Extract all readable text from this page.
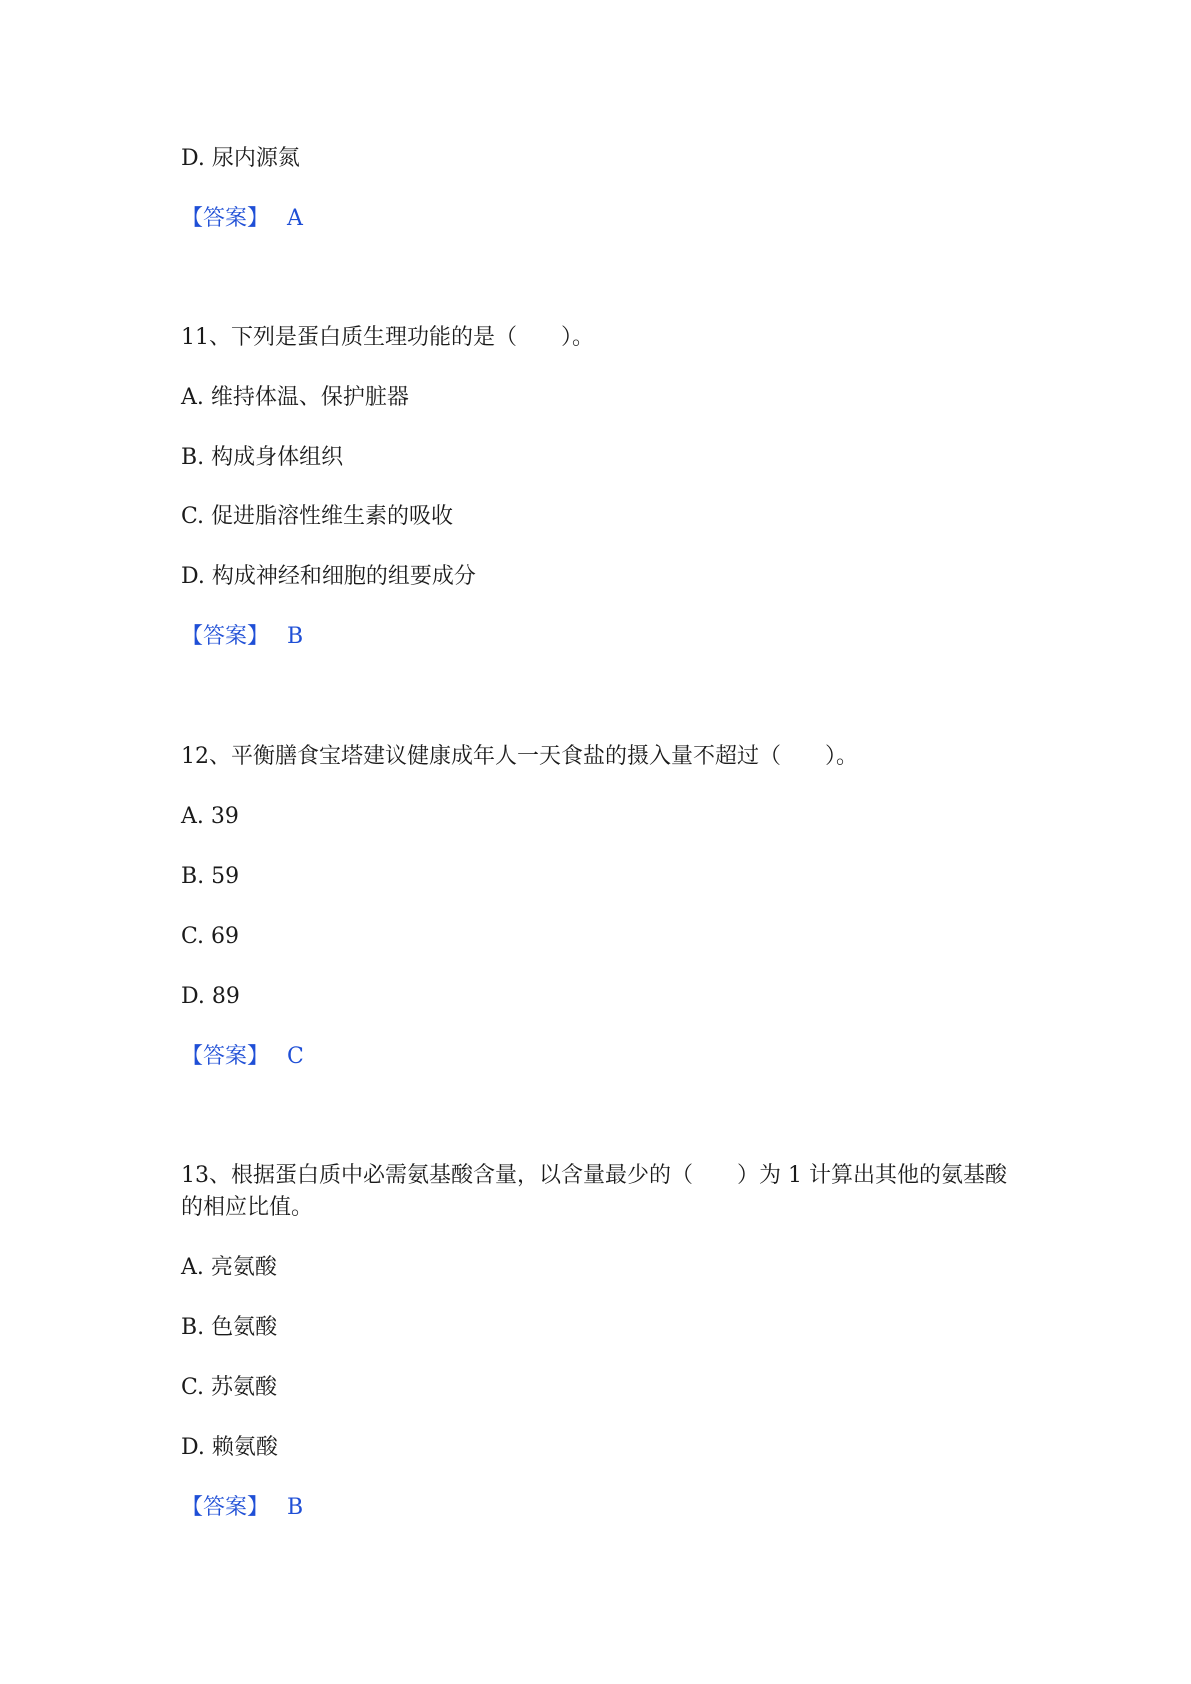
D. 尿内源氮
【答案】 A
11、下列是蛋白质生理功能的是（　　）。
A. 维持体温、保护脏器
B. 构成身体组织
C. 促进脂溶性维生素的吸收
D. 构成神经和细胞的组要成分
【答案】 B
12、平衡膳食宝塔建议健康成年人一天食盐的摄入量不超过（　　）。
A. 39
B. 59
C. 69
D. 89
【答案】 C
13、根据蛋白质中必需氨基酸含量，以含量最少的（　　）为 1 计算出其他的氨基酸的相应比值。
A. 亮氨酸
B. 色氨酸
C. 苏氨酸
D. 赖氨酸
【答案】 B
